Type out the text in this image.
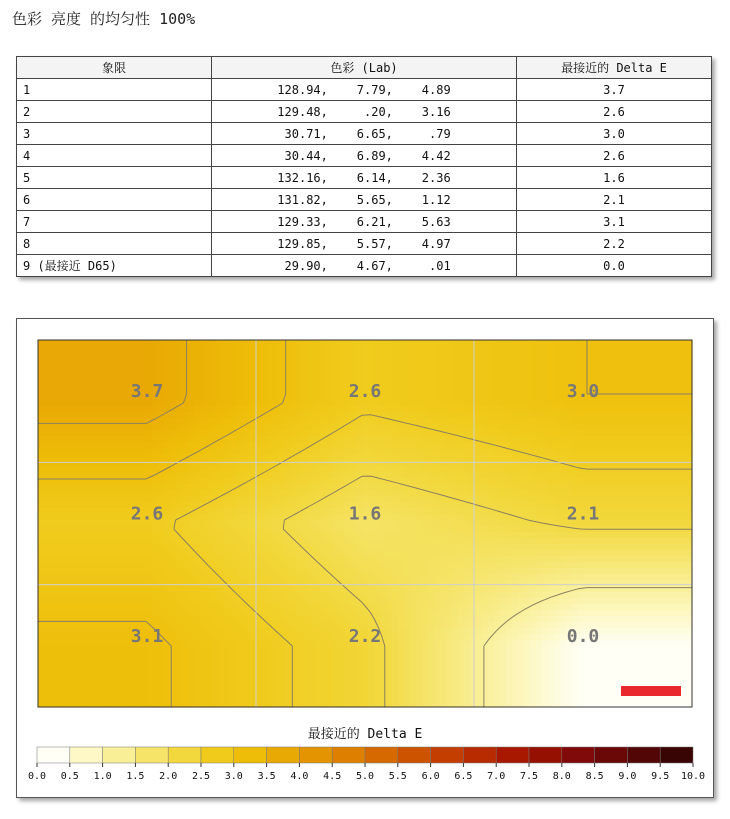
色彩 亮度 的均匀性 100%
象限	色彩 (Lab)	最接近的 Delta E
1	128.94,    7.79,    4.89	3.7
2	129.48,     .20,    3.16	2.6
3	30.71,    6.65,     .79	3.0
4	30.44,    6.89,    4.42	2.6
5	132.16,    6.14,    2.36	1.6
6	131.82,    5.65,    1.12	2.1
7	129.33,    6.21,    5.63	3.1
8	129.85,    5.57,    4.97	2.2
9 (最接近 D65)	29.90,    4.67,     .01	0.0
3.7	2.6	3.0
2.6	1.6	2.1
3.1	2.2	0.0
最接近的 Delta E
0.0 0.5 1.0 1.5 2.0 2.5 3.0 3.5 4.0 4.5 5.0 5.5 6.0 6.5 7.0 7.5 8.0 8.5 9.0 9.5 10.0
